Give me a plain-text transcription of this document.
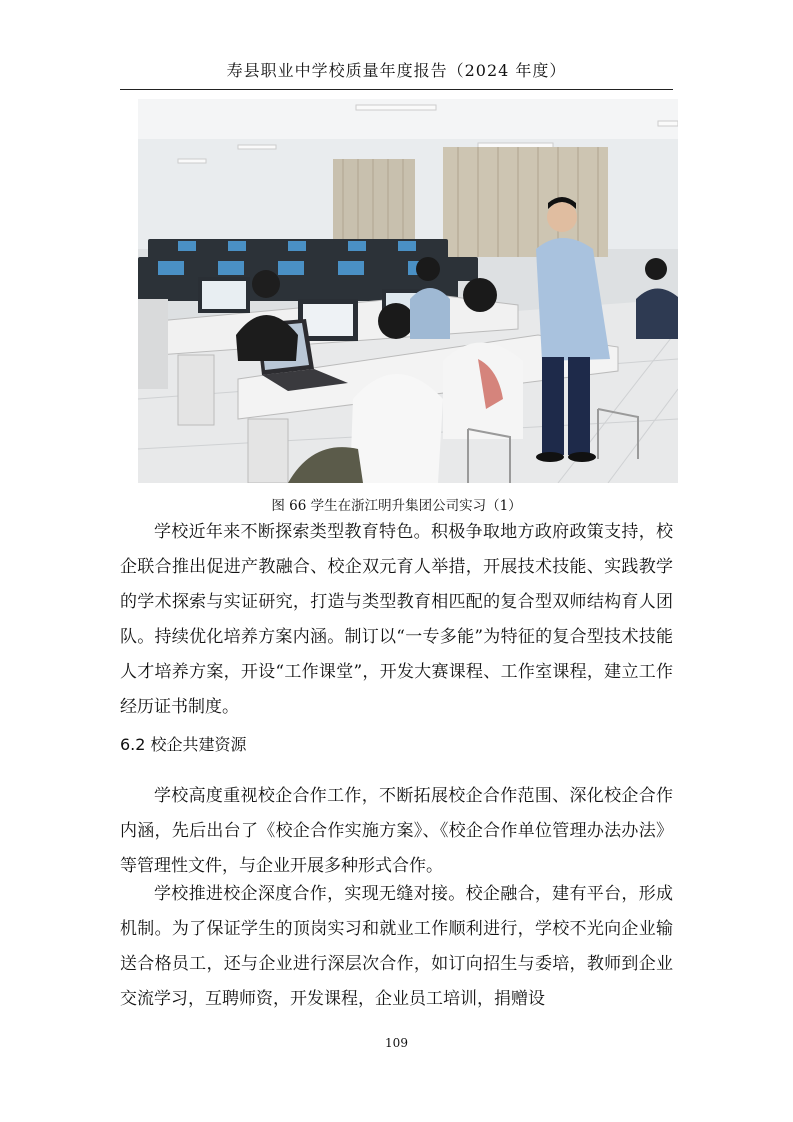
寿县职业中学校质量年度报告（2024 年度）
图 66 学生在浙江明升集团公司实习（1）

学校近年来不断探索类型教育特色。积极争取地方政府政策支持，校企联合推出促进产教融合、校企双元育人举措，开展技术技能、实践教学的学术探索与实证研究，打造与类型教育相匹配的复合型双师结构育人团队。持续优化培养方案内涵。制订以“一专多能”为特征的复合型技术技能人才培养方案，开设“工作课堂”，开发大赛课程、工作室课程，建立工作经历证书制度。

6.2 校企共建资源

学校高度重视校企合作工作，不断拓展校企合作范围、深化校企合作内涵，先后出台了《校企合作实施方案》、《校企合作单位管理办法办法》等管理性文件，与企业开展多种形式合作。

学校推进校企深度合作，实现无缝对接。校企融合，建有平台，形成机制。为了保证学生的顶岗实习和就业工作顺利进行，学校不光向企业输送合格员工，还与企业进行深层次合作，如订向招生与委培，教师到企业交流学习，互聘师资，开发课程，企业员工培训，捐赠设

109
